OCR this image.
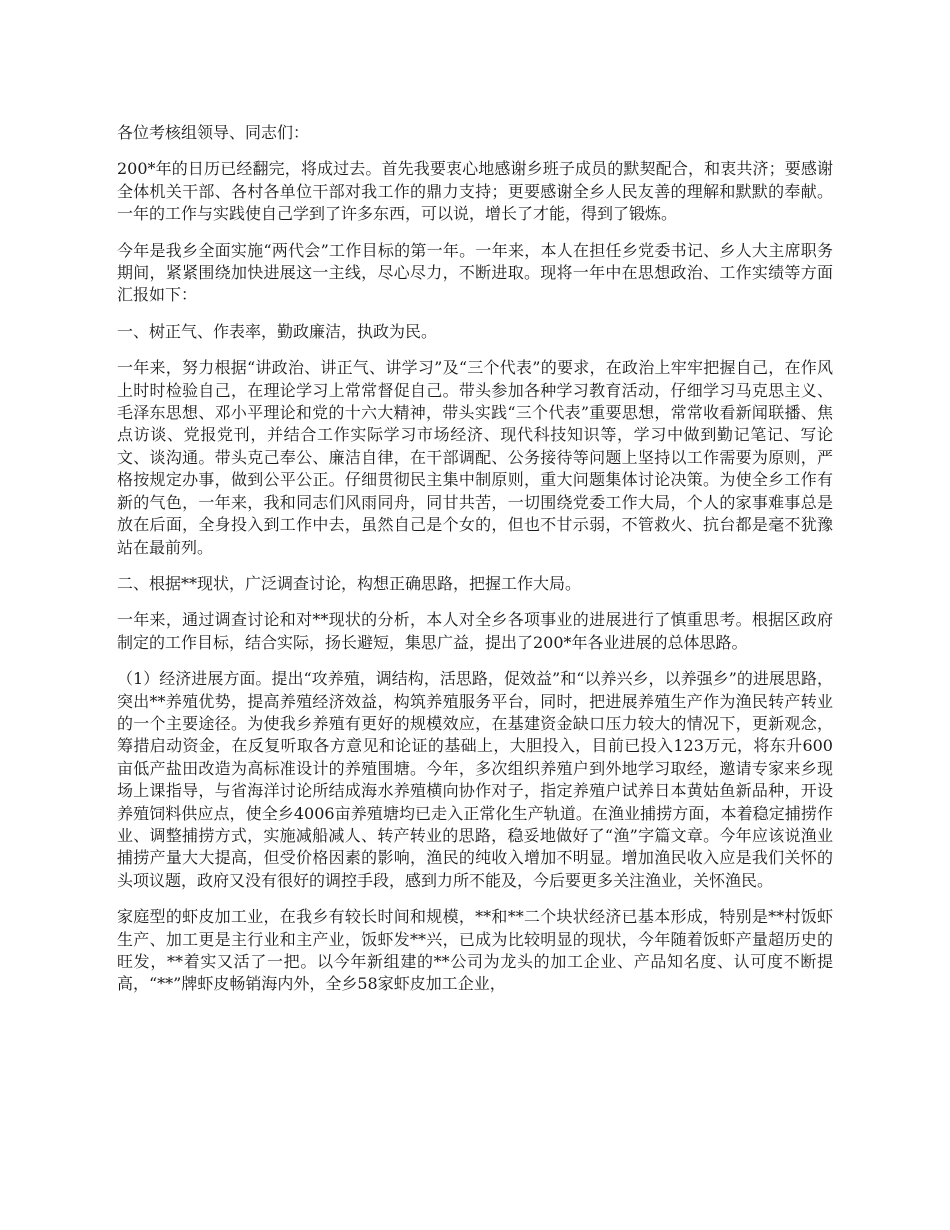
各位考核组领导、同志们：

200*年的日历已经翻完，将成过去。首先我要衷心地感谢乡班子成员的默契配合，和衷共济；要感谢全体机关干部、各村各单位干部对我工作的鼎力支持；更要感谢全乡人民友善的理解和默默的奉献。一年的工作与实践使自己学到了许多东西，可以说，增长了才能，得到了锻炼。

今年是我乡全面实施“两代会”工作目标的第一年。一年来，本人在担任乡党委书记、乡人大主席职务期间，紧紧围绕加快进展这一主线，尽心尽力，不断进取。现将一年中在思想政治、工作实绩等方面汇报如下：

一、树正气、作表率，勤政廉洁，执政为民。

一年来，努力根据“讲政治、讲正气、讲学习”及“三个代表”的要求，在政治上牢牢把握自己，在作风上时时检验自己，在理论学习上常常督促自己。带头参加各种学习教育活动，仔细学习马克思主义、毛泽东思想、邓小平理论和党的十六大精神，带头实践“三个代表”重要思想，常常收看新闻联播、焦点访谈、党报党刊，并结合工作实际学习市场经济、现代科技知识等，学习中做到勤记笔记、写论文、谈沟通。带头克己奉公、廉洁自律，在干部调配、公务接待等问题上坚持以工作需要为原则，严格按规定办事，做到公平公正。仔细贯彻民主集中制原则，重大问题集体讨论决策。为使全乡工作有新的气色，一年来，我和同志们风雨同舟，同甘共苦，一切围绕党委工作大局，个人的家事难事总是放在后面，全身投入到工作中去，虽然自己是个女的，但也不甘示弱，不管救火、抗台都是毫不犹豫站在最前列。

二、根据**现状，广泛调查讨论，构想正确思路，把握工作大局。

一年来，通过调查讨论和对**现状的分析，本人对全乡各项事业的进展进行了慎重思考。根据区政府制定的工作目标，结合实际，扬长避短，集思广益，提出了200*年各业进展的总体思路。

（1）经济进展方面。提出“攻养殖，调结构，活思路，促效益”和“以养兴乡，以养强乡”的进展思路，突出**养殖优势，提高养殖经济效益，构筑养殖服务平台，同时，把进展养殖生产作为渔民转产转业的一个主要途径。为使我乡养殖有更好的规模效应，在基建资金缺口压力较大的情况下，更新观念，筹措启动资金，在反复听取各方意见和论证的基础上，大胆投入，目前已投入123万元，将东升600亩低产盐田改造为高标准设计的养殖围塘。今年，多次组织养殖户到外地学习取经，邀请专家来乡现场上课指导，与省海洋讨论所结成海水养殖横向协作对子，指定养殖户试养日本黄姑鱼新品种，开设养殖饲料供应点，使全乡4006亩养殖塘均已走入正常化生产轨道。在渔业捕捞方面，本着稳定捕捞作业、调整捕捞方式，实施减船减人、转产转业的思路，稳妥地做好了“渔”字篇文章。今年应该说渔业捕捞产量大大提高，但受价格因素的影响，渔民的纯收入增加不明显。增加渔民收入应是我们关怀的头项议题，政府又没有很好的调控手段，感到力所不能及，今后要更多关注渔业，关怀渔民。

家庭型的虾皮加工业，在我乡有较长时间和规模，**和**二个块状经济已基本形成，特别是**村饭虾生产、加工更是主行业和主产业，饭虾发**兴，已成为比较明显的现状，今年随着饭虾产量超历史的旺发，**着实又活了一把。以今年新组建的**公司为龙头的加工企业、产品知名度、认可度不断提高，“**”牌虾皮畅销海内外，全乡58家虾皮加工企业，
